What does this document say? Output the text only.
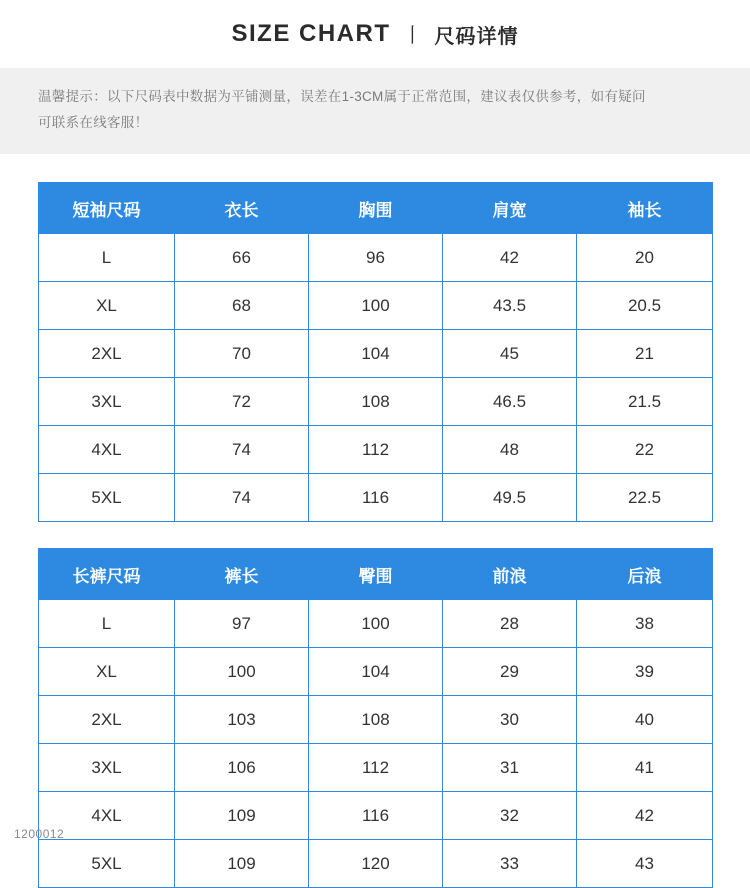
SIZE CHART 丨 尺码详情
温馨提示：以下尺码表中数据为平铺测量，误差在1-3CM属于正常范围，建议表仅供参考，如有疑问
可联系在线客服！
短袖尺码	衣长	胸围	肩宽	袖长
L	66	96	42	20
XL	68	100	43.5	20.5
2XL	70	104	45	21
3XL	72	108	46.5	21.5
4XL	74	112	48	22
5XL	74	116	49.5	22.5
长裤尺码	裤长	臀围	前浪	后浪
L	97	100	28	38
XL	100	104	29	39
2XL	103	108	30	40
3XL	106	112	31	41
4XL	109	116	32	42
5XL	109	120	33	43
1200012
